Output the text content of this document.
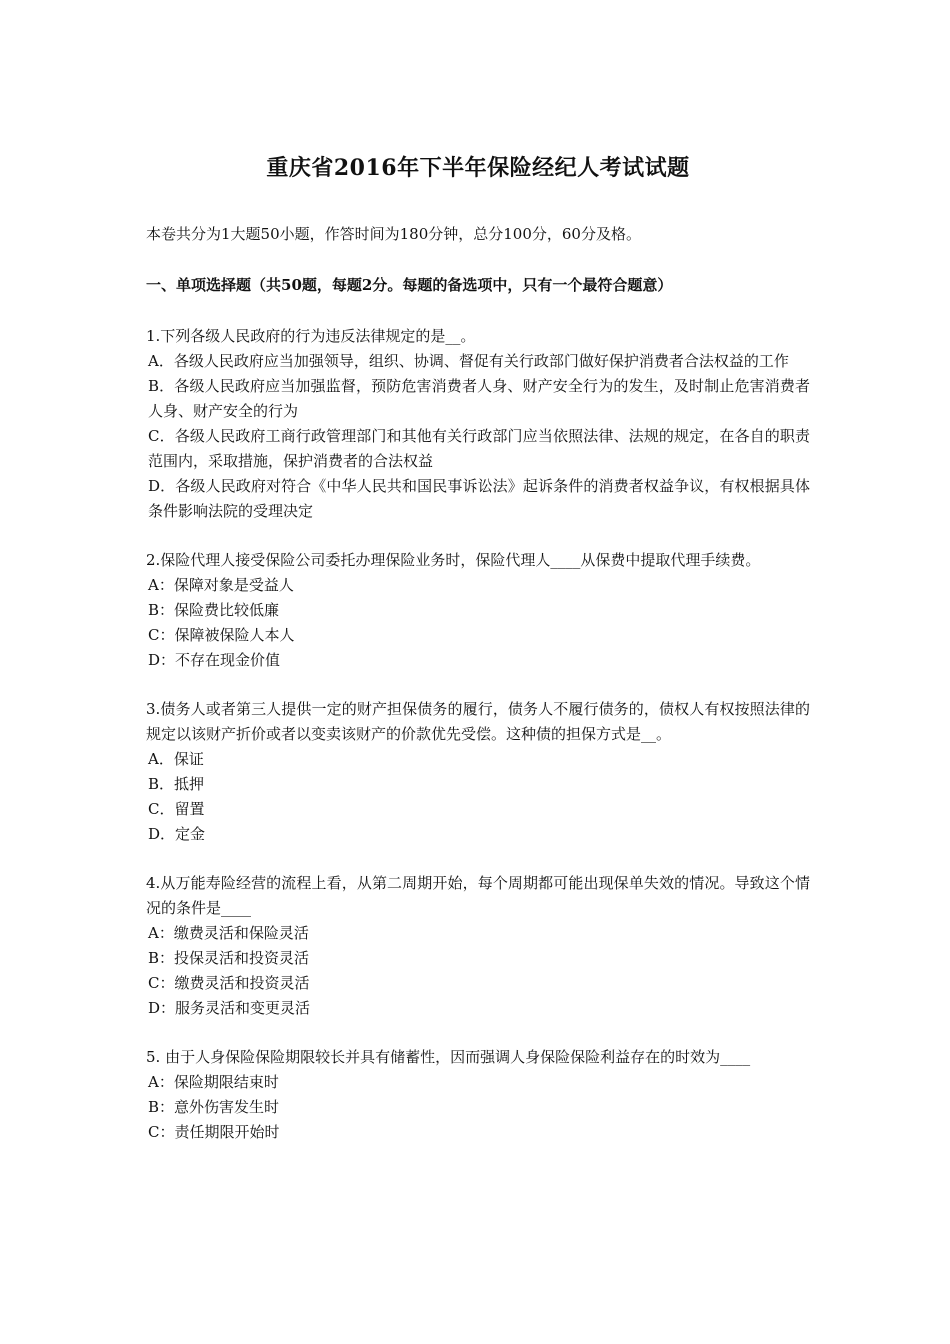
重庆省2016年下半年保险经纪人考试试题

本卷共分为1大题50小题，作答时间为180分钟，总分100分，60分及格。

一、单项选择题（共50题，每题2分。每题的备选项中，只有一个最符合题意）

1.下列各级人民政府的行为违反法律规定的是__。

A．各级人民政府应当加强领导，组织、协调、督促有关行政部门做好保护消费者合法权益的工作

B．各级人民政府应当加强监督，预防危害消费者人身、财产安全行为的发生，及时制止危害消费者人身、财产安全的行为

C．各级人民政府工商行政管理部门和其他有关行政部门应当依照法律、法规的规定，在各自的职责范围内，采取措施，保护消费者的合法权益

D．各级人民政府对符合《中华人民共和国民事诉讼法》起诉条件的消费者权益争议，有权根据具体条件影响法院的受理决定

2.保险代理人接受保险公司委托办理保险业务时，保险代理人____从保费中提取代理手续费。

A：保障对象是受益人

B：保险费比较低廉

C：保障被保险人本人

D：不存在现金价值

3.债务人或者第三人提供一定的财产担保债务的履行，债务人不履行债务的，债权人有权按照法律的规定以该财产折价或者以变卖该财产的价款优先受偿。这种债的担保方式是__。

A．保证

B．抵押

C．留置

D．定金

4.从万能寿险经营的流程上看，从第二周期开始，每个周期都可能出现保单失效的情况。导致这个情况的条件是____

A：缴费灵活和保险灵活

B：投保灵活和投资灵活

C：缴费灵活和投资灵活

D：服务灵活和变更灵活

5. 由于人身保险保险期限较长并具有储蓄性，因而强调人身保险保险利益存在的时效为____

A：保险期限结束时

B：意外伤害发生时

C：责任期限开始时
